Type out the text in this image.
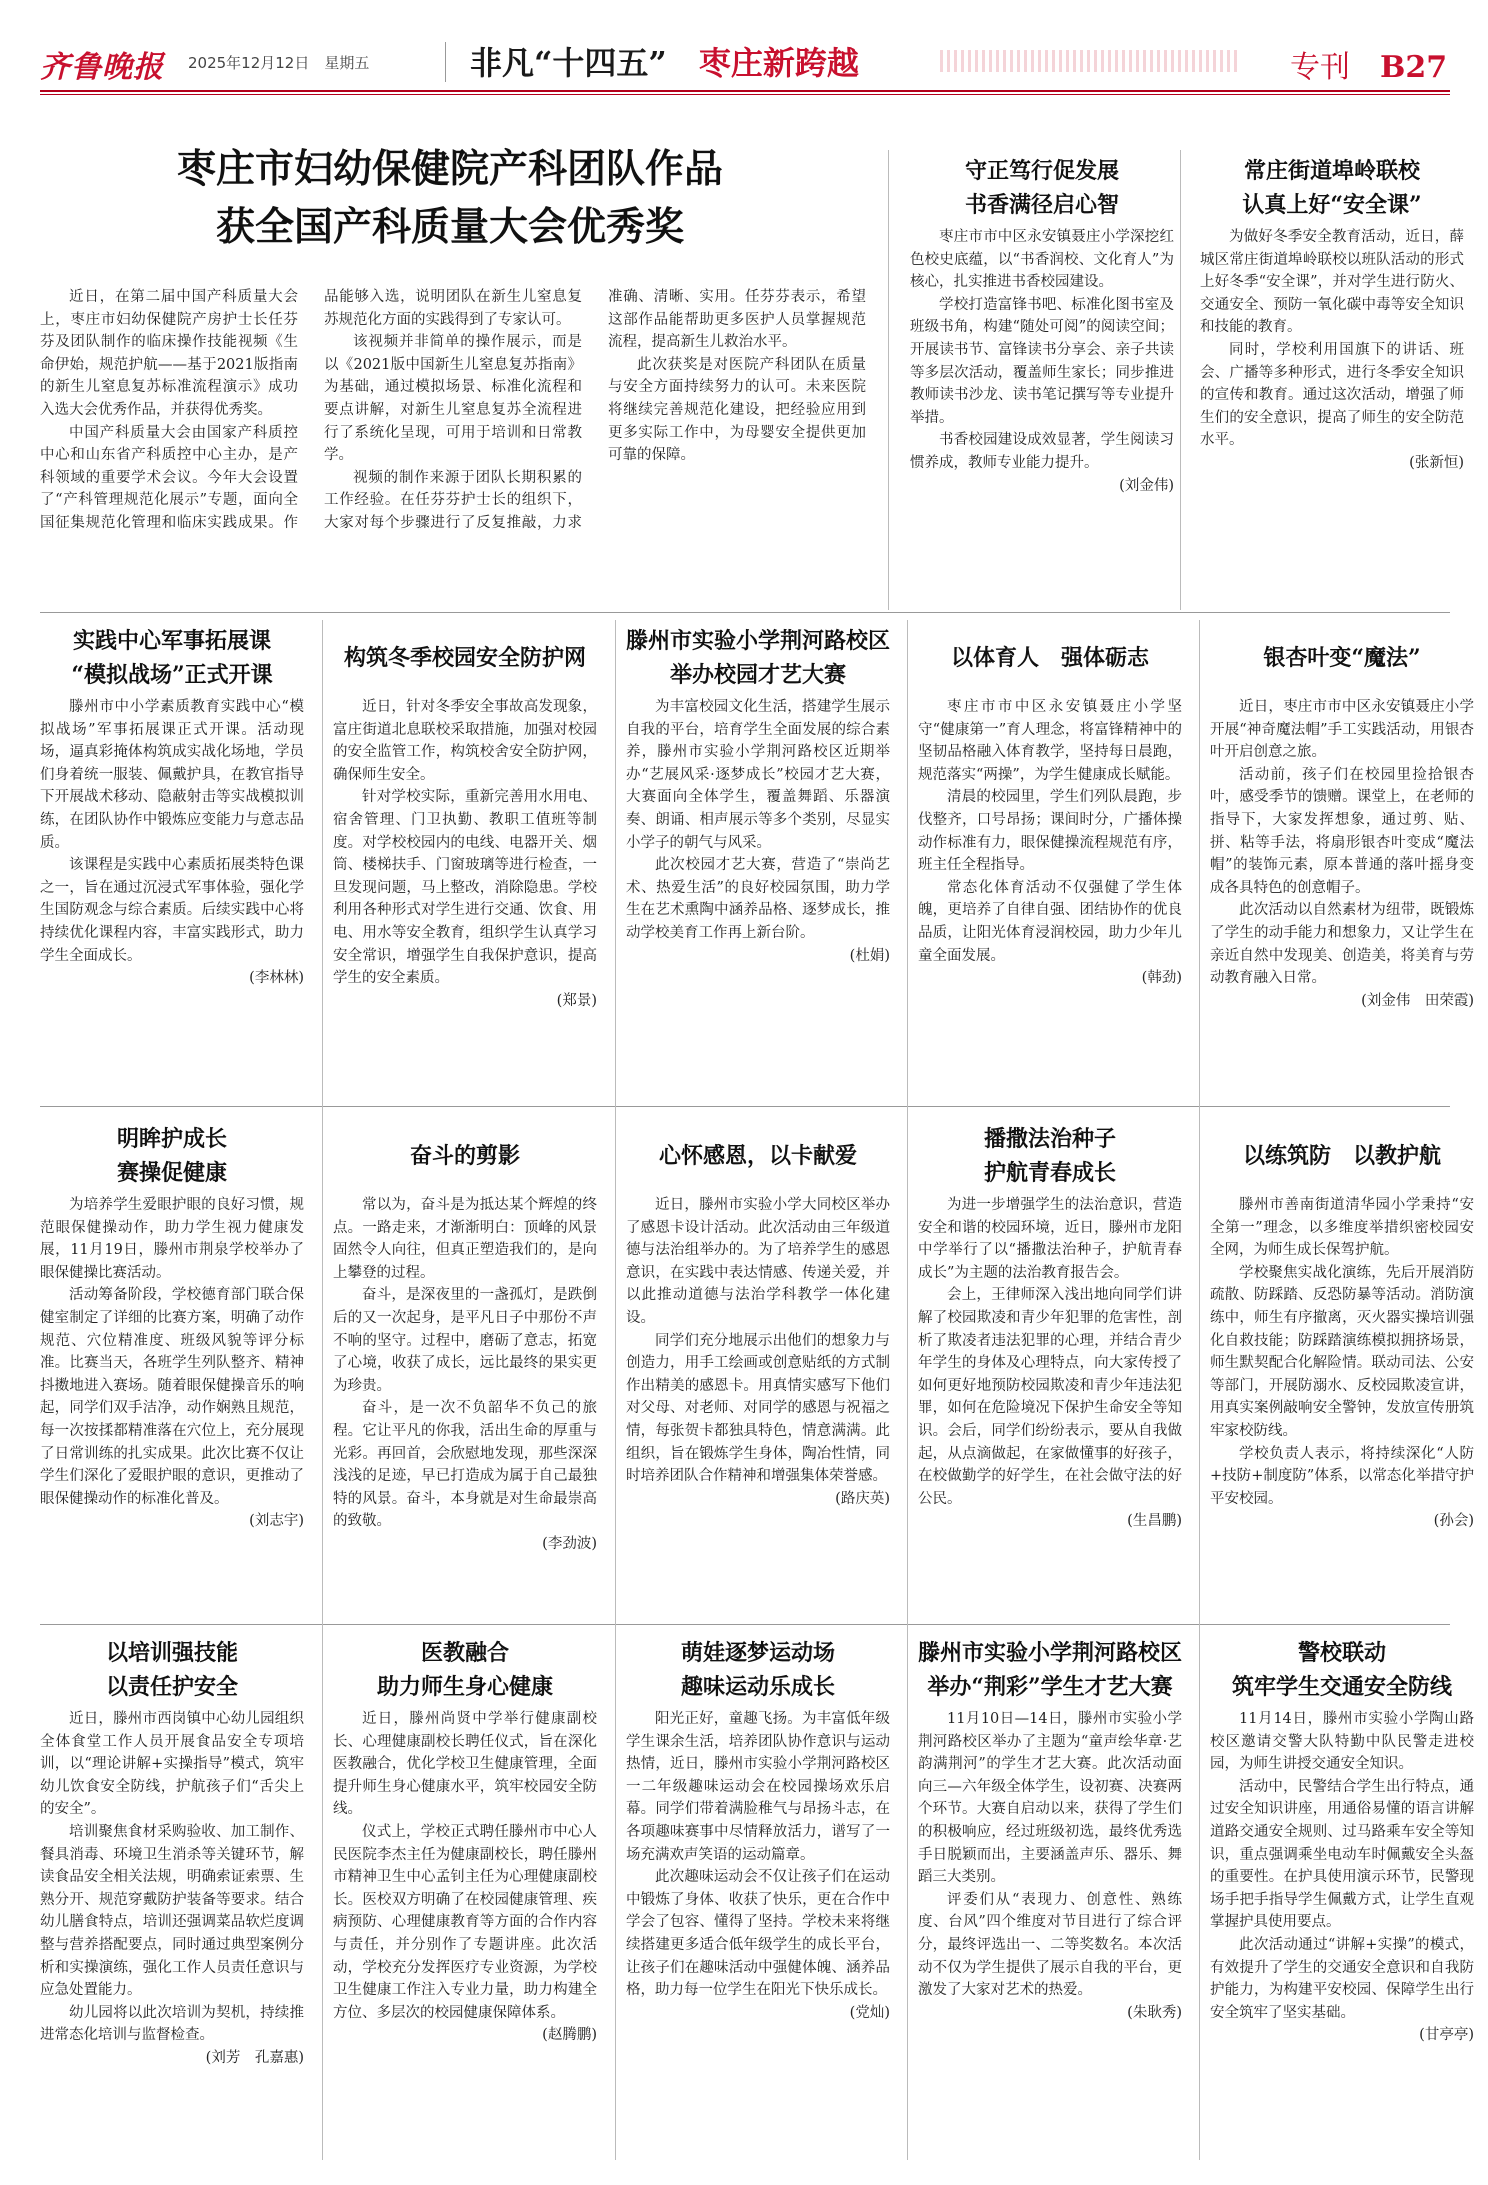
齐鲁晚报 2025年12月12日　 星期五	非凡“十四五”　 枣庄新跨越	专刊　 B27
枣庄市妇幼保健院产科团队作品
获全国产科质量大会优秀奖

近日，在第二届中国产科质量大会上，枣庄市妇幼保健院产房护士长任芬芬及团队制作的临床操作技能视频《生命伊始，规范护航——基于2021版指南的新生儿窒息复苏标准流程演示》成功入选大会优秀作品，并获得优秀奖。

中国产科质量大会由国家产科质控中心和山东省产科质控中心主办，是产科领域的重要学术会议。今年大会设置了“产科管理规范化展示”专题，面向全国征集规范化管理和临床实践成果。作品能够入选，说明团队在新生儿窒息复苏规范化方面的实践得到了专家认可。

该视频并非简单的操作展示，而是以《2021版中国新生儿窒息复苏指南》为基础，通过模拟场景、标准化流程和要点讲解，对新生儿窒息复苏全流程进行了系统化呈现，可用于培训和日常教学。

视频的制作来源于团队长期积累的工作经验。在任芬芬护士长的组织下，大家对每个步骤进行了反复推敲，力求准确、清晰、实用。任芬芬表示，希望这部作品能帮助更多医护人员掌握规范流程，提高新生儿救治水平。

此次获奖是对医院产科团队在质量与安全方面持续努力的认可。未来医院将继续完善规范化建设，把经验应用到更多实际工作中，为母婴安全提供更加可靠的保障。

守正笃行促发展
书香满径启心智

枣庄市市中区永安镇聂庄小学深挖红色校史底蕴，以“书香润校、文化育人”为核心，扎实推进书香校园建设。

学校打造富锋书吧、标准化图书室及班级书角，构建“随处可阅”的阅读空间；开展读书节、富锋读书分享会、亲子共读等多层次活动，覆盖师生家长；同步推进教师读书沙龙、读书笔记撰写等专业提升举措。

书香校园建设成效显著，学生阅读习惯养成，教师专业能力提升。

(刘金伟)
常庄街道埠岭联校
认真上好“安全课”

为做好冬季安全教育活动，近日，薛城区常庄街道埠岭联校以班队活动的形式上好冬季“安全课”，并对学生进行防火、交通安全、预防一氧化碳中毒等安全知识和技能的教育。

同时，学校利用国旗下的讲话、班会、广播等多种形式，进行冬季安全知识的宣传和教育。通过这次活动，增强了师生们的安全意识，提高了师生的安全防范水平。

(张新恒)
实践中心军事拓展课
“模拟战场”正式开课

滕州市中小学素质教育实践中心“模拟战场”军事拓展课正式开课。活动现场，逼真彩掩体构筑成实战化场地，学员们身着统一服装、佩戴护具，在教官指导下开展战术移动、隐蔽射击等实战模拟训练，在团队协作中锻炼应变能力与意志品质。

该课程是实践中心素质拓展类特色课之一，旨在通过沉浸式军事体验，强化学生国防观念与综合素质。后续实践中心将持续优化课程内容，丰富实践形式，助力学生全面成长。

(李林林)
构筑冬季校园安全防护网

近日，针对冬季安全事故高发现象，富庄街道北息联校采取措施，加强对校园的安全监管工作，构筑校舍安全防护网，确保师生安全。

针对学校实际，重新完善用水用电、宿舍管理、门卫执勤、教职工值班等制度。对学校校园内的电线、电器开关、烟筒、楼梯扶手、门窗玻璃等进行检查，一旦发现问题，马上整改，消除隐患。学校利用各种形式对学生进行交通、饮食、用电、用水等安全教育，组织学生认真学习安全常识，增强学生自我保护意识，提高学生的安全素质。

(郑景)
滕州市实验小学荆河路校区
举办校园才艺大赛

为丰富校园文化生活，搭建学生展示自我的平台，培育学生全面发展的综合素养，滕州市实验小学荆河路校区近期举办“艺展风采·逐梦成长”校园才艺大赛，大赛面向全体学生，覆盖舞蹈、乐器演奏、朗诵、相声展示等多个类别，尽显实小学子的朝气与风采。

此次校园才艺大赛，营造了“崇尚艺术、热爱生活”的良好校园氛围，助力学生在艺术熏陶中涵养品格、逐梦成长，推动学校美育工作再上新台阶。

(杜娟)
以体育人　强体砺志

枣庄市市中区永安镇聂庄小学坚守“健康第一”育人理念，将富锋精神中的坚韧品格融入体育教学，坚持每日晨跑，规范落实“两操”，为学生健康成长赋能。

清晨的校园里，学生们列队晨跑，步伐整齐，口号昂扬；课间时分，广播体操动作标准有力，眼保健操流程规范有序，班主任全程指导。

常态化体育活动不仅强健了学生体魄，更培养了自律自强、团结协作的优良品质，让阳光体育浸润校园，助力少年儿童全面发展。

(韩劲)
银杏叶变“魔法”

近日，枣庄市市中区永安镇聂庄小学开展“神奇魔法帽”手工实践活动，用银杏叶开启创意之旅。

活动前，孩子们在校园里捡拾银杏叶，感受季节的馈赠。课堂上，在老师的指导下，大家发挥想象，通过剪、贴、拼、粘等手法，将扇形银杏叶变成“魔法帽”的装饰元素，原本普通的落叶摇身变成各具特色的创意帽子。

此次活动以自然素材为纽带，既锻炼了学生的动手能力和想象力，又让学生在亲近自然中发现美、创造美，将美育与劳动教育融入日常。

(刘金伟　田荣霞)
明眸护成长
赛操促健康

为培养学生爱眼护眼的良好习惯，规范眼保健操动作，助力学生视力健康发展，11月19日，滕州市荆泉学校举办了眼保健操比赛活动。

活动筹备阶段，学校德育部门联合保健室制定了详细的比赛方案，明确了动作规范、穴位精准度、班级风貌等评分标准。比赛当天，各班学生列队整齐、精神抖擞地进入赛场。随着眼保健操音乐的响起，同学们双手洁净，动作娴熟且规范，每一次按揉都精准落在穴位上，充分展现了日常训练的扎实成果。此次比赛不仅让学生们深化了爱眼护眼的意识，更推动了眼保健操动作的标准化普及。

(刘志宇)
奋斗的剪影

常以为，奋斗是为抵达某个辉煌的终点。一路走来，才渐渐明白：顶峰的风景固然令人向往，但真正塑造我们的，是向上攀登的过程。

奋斗，是深夜里的一盏孤灯，是跌倒后的又一次起身，是平凡日子中那份不声不响的坚守。过程中，磨砺了意志，拓宽了心境，收获了成长，远比最终的果实更为珍贵。

奋斗，是一次不负韶华不负己的旅程。它让平凡的你我，活出生命的厚重与光彩。再回首，会欣慰地发现，那些深深浅浅的足迹，早已打造成为属于自己最独特的风景。奋斗，本身就是对生命最崇高的致敬。

(李劲波)
心怀感恩，以卡献爱

近日，滕州市实验小学大同校区举办了感恩卡设计活动。此次活动由三年级道德与法治组举办的。为了培养学生的感恩意识，在实践中表达情感、传递关爱，并以此推动道德与法治学科教学一体化建设。

同学们充分地展示出他们的想象力与创造力，用手工绘画或创意贴纸的方式制作出精美的感恩卡。用真情实感写下他们对父母、对老师、对同学的感恩与祝福之情，每张贺卡都独具特色，情意满满。此组织，旨在锻炼学生身体，陶冶性情，同时培养团队合作精神和增强集体荣誉感。

(路庆英)
播撒法治种子
护航青春成长

为进一步增强学生的法治意识，营造安全和谐的校园环境，近日，滕州市龙阳中学举行了以“播撒法治种子，护航青春成长”为主题的法治教育报告会。

会上，王律师深入浅出地向同学们讲解了校园欺凌和青少年犯罪的危害性，剖析了欺凌者违法犯罪的心理，并结合青少年学生的身体及心理特点，向大家传授了如何更好地预防校园欺凌和青少年违法犯罪，如何在危险境况下保护生命安全等知识。会后，同学们纷纷表示，要从自我做起，从点滴做起，在家做懂事的好孩子，在校做勤学的好学生，在社会做守法的好公民。

(生昌鹏)
以练筑防　以教护航

滕州市善南街道清华园小学秉持“安全第一”理念，以多维度举措织密校园安全网，为师生成长保驾护航。

学校聚焦实战化演练，先后开展消防疏散、防踩踏、反恐防暴等活动。消防演练中，师生有序撤离，灭火器实操培训强化自救技能；防踩踏演练模拟拥挤场景，师生默契配合化解险情。联动司法、公安等部门，开展防溺水、反校园欺凌宣讲，用真实案例敲响安全警钟，发放宣传册筑牢家校防线。

学校负责人表示，将持续深化“人防+技防+制度防”体系，以常态化举措守护平安校园。

(孙会)
以培训强技能
以责任护安全

近日，滕州市西岗镇中心幼儿园组织全体食堂工作人员开展食品安全专项培训，以“理论讲解+实操指导”模式，筑牢幼儿饮食安全防线，护航孩子们“舌尖上的安全”。

培训聚焦食材采购验收、加工制作、餐具消毒、环境卫生消杀等关键环节，解读食品安全相关法规，明确索证索票、生熟分开、规范穿戴防护装备等要求。结合幼儿膳食特点，培训还强调菜品软烂度调整与营养搭配要点，同时通过典型案例分析和实操演练，强化工作人员责任意识与应急处置能力。

幼儿园将以此次培训为契机，持续推进常态化培训与监督检查。

(刘芳　孔嘉惠)
医教融合
助力师生身心健康

近日，滕州尚贤中学举行健康副校长、心理健康副校长聘任仪式，旨在深化医教融合，优化学校卫生健康管理，全面提升师生身心健康水平，筑牢校园安全防线。

仪式上，学校正式聘任滕州市中心人民医院李杰主任为健康副校长，聘任滕州市精神卫生中心孟钊主任为心理健康副校长。医校双方明确了在校园健康管理、疾病预防、心理健康教育等方面的合作内容与责任，并分别作了专题讲座。此次活动，学校充分发挥医疗专业资源，为学校卫生健康工作注入专业力量，助力构建全方位、多层次的校园健康保障体系。

(赵腾鹏)
萌娃逐梦运动场
趣味运动乐成长

阳光正好，童趣飞扬。为丰富低年级学生课余生活，培养团队协作意识与运动热情，近日，滕州市实验小学荆河路校区一二年级趣味运动会在校园操场欢乐启幕。同学们带着满脸稚气与昂扬斗志，在各项趣味赛事中尽情释放活力，谱写了一场充满欢声笑语的运动篇章。

此次趣味运动会不仅让孩子们在运动中锻炼了身体、收获了快乐，更在合作中学会了包容、懂得了坚持。学校未来将继续搭建更多适合低年级学生的成长平台，让孩子们在趣味活动中强健体魄、涵养品格，助力每一位学生在阳光下快乐成长。

(党灿)
滕州市实验小学荆河路校区
举办“荆彩”学生才艺大赛

11月10日—14日，滕州市实验小学荆河路校区举办了主题为“童声绘华章·艺韵满荆河”的学生才艺大赛。此次活动面向三—六年级全体学生，设初赛、决赛两个环节。大赛自启动以来，获得了学生们的积极响应，经过班级初选，最终优秀选手日脱颖而出，主要涵盖声乐、器乐、舞蹈三大类别。

评委们从“表现力、创意性、熟练度、台风”四个维度对节目进行了综合评分，最终评选出一、二等奖数名。本次活动不仅为学生提供了展示自我的平台，更激发了大家对艺术的热爱。

(朱耿秀)
警校联动
筑牢学生交通安全防线

11月14日，滕州市实验小学陶山路校区邀请交警大队特勤中队民警走进校园，为师生讲授交通安全知识。

活动中，民警结合学生出行特点，通过安全知识讲座，用通俗易懂的语言讲解道路交通安全规则、过马路乘车安全等知识，重点强调乘坐电动车时佩戴安全头盔的重要性。在护具使用演示环节，民警现场手把手指导学生佩戴方式，让学生直观掌握护具使用要点。

此次活动通过“讲解+实操”的模式，有效提升了学生的交通安全意识和自我防护能力，为构建平安校园、保障学生出行安全筑牢了坚实基础。

(甘亭亭)
